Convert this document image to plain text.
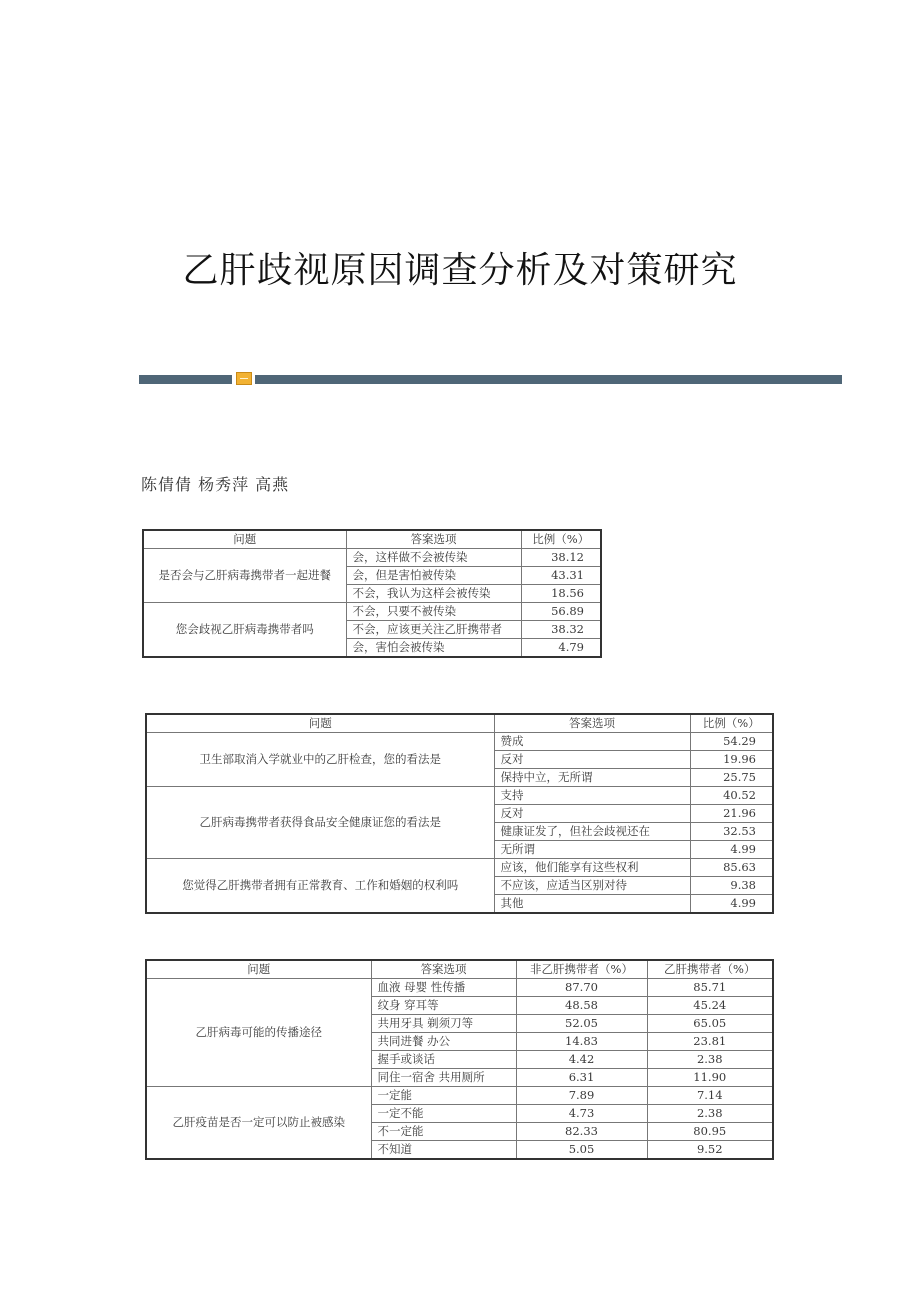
乙肝歧视原因调查分析及对策研究
陈倩倩 杨秀萍 高燕
问题	答案选项	比例（%）
是否会与乙肝病毒携带者一起进餐	会，这样做不会被传染	38.12
	会，但是害怕被传染	43.31
	不会，我认为这样会被传染	18.56
您会歧视乙肝病毒携带者吗	不会，只要不被传染	56.89
	不会，应该更关注乙肝携带者	38.32
	会，害怕会被传染	4.79
问题	答案选项	比例（%）
卫生部取消入学就业中的乙肝检查，您的看法是	赞成	54.29
	反对	19.96
	保持中立，无所谓	25.75
乙肝病毒携带者获得食品安全健康证您的看法是	支持	40.52
	反对	21.96
	健康证发了，但社会歧视还在	32.53
	无所谓	4.99
您觉得乙肝携带者拥有正常教育、工作和婚姻的权利吗	应该，他们能享有这些权利	85.63
	不应该，应适当区别对待	9.38
	其他	4.99
问题	答案选项	非乙肝携带者（%）	乙肝携带者（%）
乙肝病毒可能的传播途径	血液 母婴 性传播	87.70	85.71
	纹身 穿耳等	48.58	45.24
	共用牙具 剃须刀等	52.05	65.05
	共同进餐 办公	14.83	23.81
	握手或谈话	4.42	2.38
	同住一宿舍 共用厕所	6.31	11.90
乙肝疫苗是否一定可以防止被感染	一定能	7.89	7.14
	一定不能	4.73	2.38
	不一定能	82.33	80.95
	不知道	5.05	9.52
